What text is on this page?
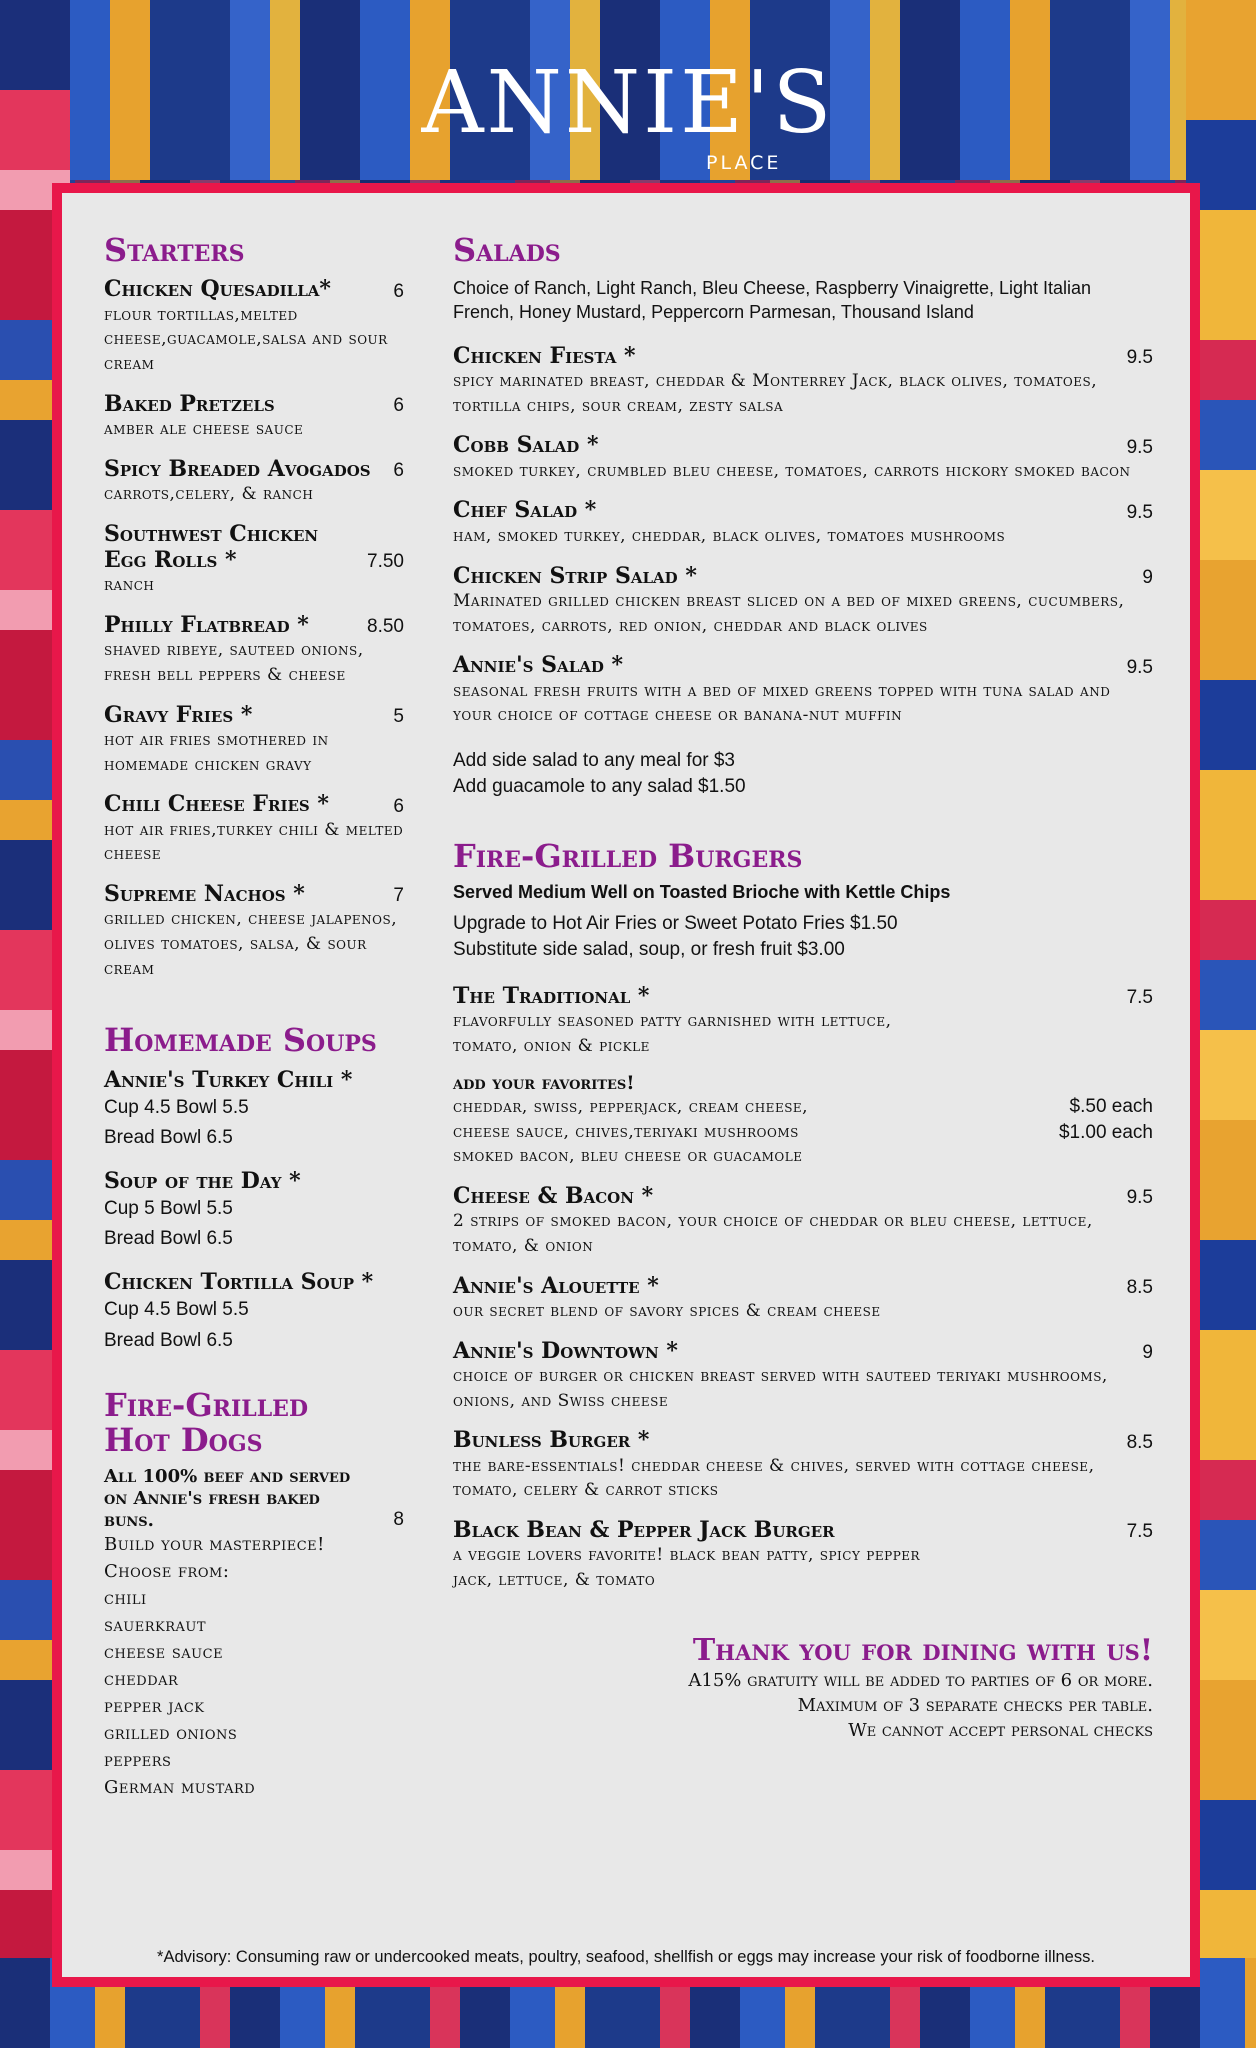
ANNIE'S
PLACE
Starters
Chicken Quesadilla*	6
flour tortillas,melted cheese,guacamole,salsa and sour cream
Baked Pretzels	6
amber ale cheese sauce
Spicy Breaded Avogados	6
carrots,celery, & ranch
Southwest Chicken Egg Rolls *	7.50
ranch
Philly Flatbread *	8.50
shaved ribeye, sauteed onions, fresh bell peppers & cheese
Gravy Fries *	5
hot air fries smothered in homemade chicken gravy
Chili Cheese Fries *	6
hot air fries,turkey chili & melted cheese
Supreme Nachos *	7
grilled chicken, cheese jalapenos, olives tomatoes, salsa, & sour cream
Homemade Soups
Annie's Turkey Chili *
Cup 4.5 Bowl 5.5
Bread Bowl 6.5
Soup of the Day *
Cup 5 Bowl 5.5
Bread Bowl 6.5
Chicken Tortilla Soup *
Cup 4.5 Bowl 5.5
Bread Bowl 6.5
Fire-Grilled Hot Dogs
All 100% beef and served on Annie's fresh baked buns.	8
Build your masterpiece!
Choose from:
chili
sauerkraut
cheese sauce
cheddar
pepper jack
grilled onions
peppers
German mustard
Salads
Choice of Ranch, Light Ranch, Bleu Cheese, Raspberry Vinaigrette, Light Italian French, Honey Mustard, Peppercorn Parmesan, Thousand Island
Chicken Fiesta *	9.5
spicy marinated breast, cheddar & Monterrey Jack, black olives, tomatoes, tortilla chips, sour cream, zesty salsa
Cobb Salad *	9.5
smoked turkey, crumbled bleu cheese, tomatoes, carrots hickory smoked bacon
Chef Salad *	9.5
ham, smoked turkey, cheddar, black olives, tomatoes mushrooms
Chicken Strip Salad *	9
Marinated grilled chicken breast sliced on a bed of mixed greens, cucumbers, tomatoes, carrots, red onion, cheddar and black olives
Annie's Salad *	9.5
seasonal fresh fruits with a bed of mixed greens topped with tuna salad and your choice of cottage cheese or banana-nut muffin
Add side salad to any meal for $3
Add guacamole to any salad $1.50
Fire-Grilled Burgers
Served Medium Well on Toasted Brioche with Kettle Chips
Upgrade to Hot Air Fries or Sweet Potato Fries $1.50
Substitute side salad, soup, or fresh fruit $3.00
The Traditional *	7.5
flavorfully seasoned patty garnished with lettuce, tomato, onion & pickle
add your favorites!
cheddar, swiss, pepperjack, cream cheese,
cheese sauce, chives,teriyaki mushrooms
smoked bacon, bleu cheese or guacamole
$.50 each
$1.00 each
Cheese & Bacon *	9.5
2 strips of smoked bacon, your choice of cheddar or bleu cheese, lettuce, tomato, & onion
Annie's Alouette *	8.5
our secret blend of savory spices & cream cheese
Annie's Downtown *	9
choice of burger or chicken breast served with sauteed teriyaki mushrooms, onions, and Swiss cheese
Bunless Burger *	8.5
the bare-essentials! cheddar cheese & chives, served with cottage cheese, tomato, celery & carrot sticks
Black Bean & Pepper Jack Burger	7.5
a veggie lovers favorite! black bean patty, spicy pepper jack, lettuce, & tomato
Thank you for dining with us!
A15% gratuity will be added to parties of 6 or more.
Maximum of 3 separate checks per table.
We cannot accept personal checks
*Advisory: Consuming raw or undercooked meats, poultry, seafood, shellfish or eggs may increase your risk of foodborne illness.
